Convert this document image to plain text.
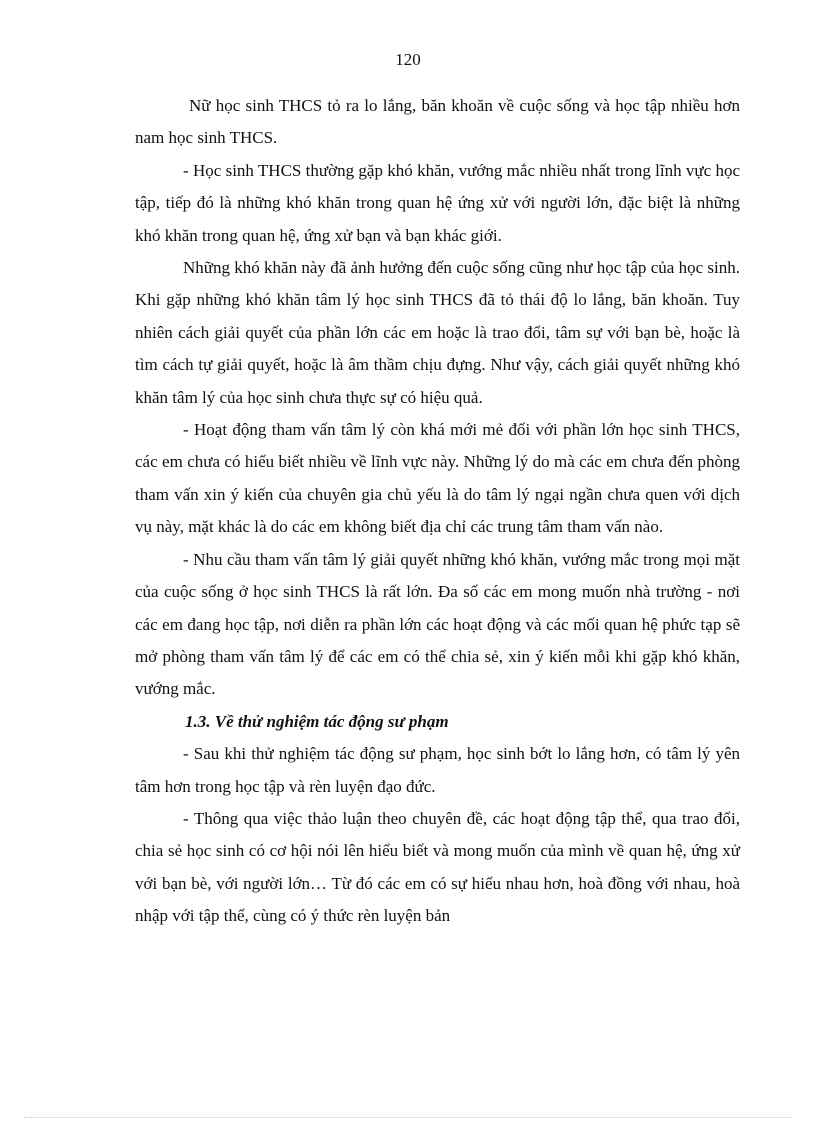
120

Nữ học sinh THCS tỏ ra lo lắng, băn khoăn về cuộc sống và học tập nhiều hơn nam học sinh THCS.

- Học sinh THCS thường gặp khó khăn, vướng mắc nhiều nhất trong lĩnh vực học tập, tiếp đó là những khó khăn trong quan hệ ứng xử với người lớn, đặc biệt là những khó khăn trong quan hệ, ứng xử bạn và bạn khác giới.

Những khó khăn này đã ảnh hưởng đến cuộc sống cũng như học tập của học sinh. Khi gặp những khó khăn tâm lý học sinh THCS đã tỏ thái độ lo lắng, băn khoăn. Tuy nhiên cách giải quyết của phần lớn các em hoặc là trao đổi, tâm sự với bạn bè, hoặc là tìm cách tự giải quyết, hoặc là âm thầm chịu đựng. Như vậy, cách giải quyết những khó khăn tâm lý của học sinh chưa thực sự có hiệu quả.

- Hoạt động tham vấn tâm lý còn khá mới mẻ đối với phần lớn học sinh THCS, các em chưa có hiểu biết nhiều về lĩnh vực này. Những lý do mà các em chưa đến phòng tham vấn xin ý kiến của chuyên gia chủ yếu là do tâm lý ngại ngần chưa quen với dịch vụ này, mặt khác là do các em không biết địa chỉ các trung tâm tham vấn nào.

- Nhu cầu tham vấn tâm lý giải quyết những khó khăn, vướng mắc trong mọi mặt của cuộc sống ở học sinh THCS là rất lớn. Đa số các em mong muốn nhà trường - nơi các em đang học tập, nơi diễn ra phần lớn các hoạt động và các mối quan hệ phức tạp sẽ mở phòng tham vấn tâm lý để các em có thể chia sẻ, xin ý kiến mỗi khi gặp khó khăn, vướng mắc.

1.3. Về thử nghiệm tác động sư phạm

- Sau khi thử nghiệm tác động sư phạm, học sinh bớt lo lắng hơn, có tâm lý yên tâm hơn trong học tập và rèn luyện đạo đức.

- Thông qua việc thảo luận theo chuyên đề, các hoạt động tập thể, qua trao đổi, chia sẻ học sinh có cơ hội nói lên hiểu biết và mong muốn của mình về quan hệ, ứng xử với bạn bè, với người lớn… Từ đó các em có sự hiểu nhau hơn, hoà đồng với nhau, hoà nhập với tập thể, cùng có ý thức rèn luyện bản
